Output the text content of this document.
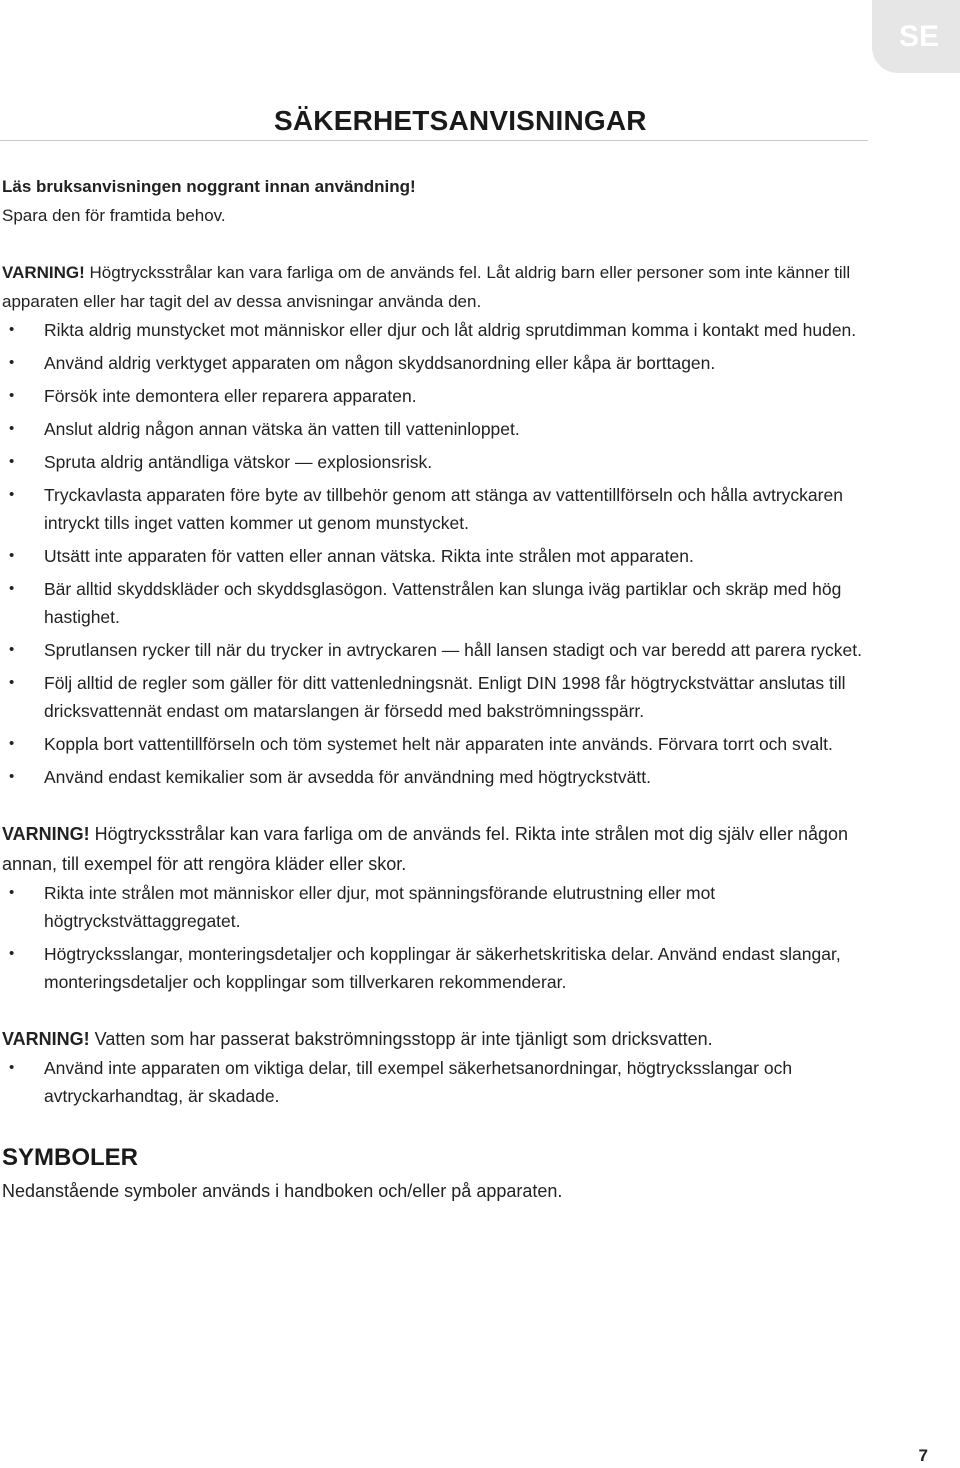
SE
SÄKERHETSANVISNINGAR

Läs bruksanvisningen noggrant innan användning!

Spara den för framtida behov.

VARNING! Högtrycksstrålar kan vara farliga om de används fel. Låt aldrig barn eller personer som inte känner till apparaten eller har tagit del av dessa anvisningar använda den.

• Rikta aldrig munstycket mot människor eller djur och låt aldrig sprutdimman komma i kontakt med huden.
• Använd aldrig verktyget apparaten om någon skyddsanordning eller kåpa är borttagen.
• Försök inte demontera eller reparera apparaten.
• Anslut aldrig någon annan vätska än vatten till vatteninloppet.
• Spruta aldrig antändliga vätskor — explosionsrisk.
• Tryckavlasta apparaten före byte av tillbehör genom att stänga av vattentillförseln och hålla avtryckaren intryckt tills inget vatten kommer ut genom munstycket.
• Utsätt inte apparaten för vatten eller annan vätska. Rikta inte strålen mot apparaten.
• Bär alltid skyddskläder och skyddsglasögon. Vattenstrålen kan slunga iväg partiklar och skräp med hög hastighet.
• Sprutlansen rycker till när du trycker in avtryckaren — håll lansen stadigt och var beredd att parera rycket.
• Följ alltid de regler som gäller för ditt vattenledningsnät. Enligt DIN 1998 får högtryckstvättar anslutas till dricksvattennät endast om matarslangen är försedd med bakströmningsspärr.
• Koppla bort vattentillförseln och töm systemet helt när apparaten inte används. Förvara torrt och svalt.
• Använd endast kemikalier som är avsedda för användning med högtryckstvätt.

VARNING! Högtrycksstrålar kan vara farliga om de används fel. Rikta inte strålen mot dig själv eller någon annan, till exempel för att rengöra kläder eller skor.

• Rikta inte strålen mot människor eller djur, mot spänningsförande elutrustning eller mot högtryckstvättaggregatet.
• Högtrycksslangar, monteringsdetaljer och kopplingar är säkerhetskritiska delar. Använd endast slangar, monteringsdetaljer och kopplingar som tillverkaren rekommenderar.

VARNING! Vatten som har passerat bakströmningsstopp är inte tjänligt som dricksvatten.

• Använd inte apparaten om viktiga delar, till exempel säkerhetsanordningar, högtrycksslangar och avtryckarhandtag, är skadade.
SYMBOLER

Nedanstående symboler används i handboken och/eller på apparaten.

7
